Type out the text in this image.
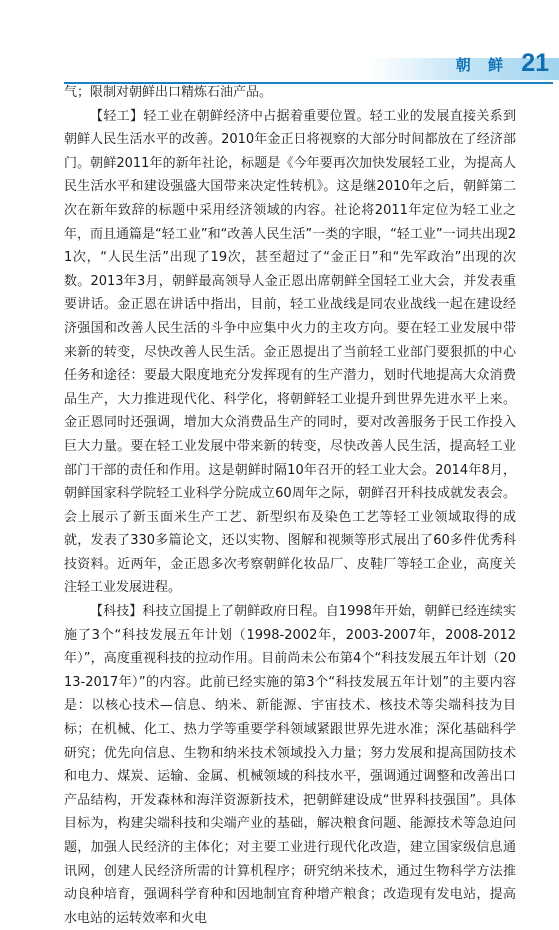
朝 鲜 21

气；限制对朝鲜出口精炼石油产品。

【轻工】轻工业在朝鲜经济中占据着重要位置。轻工业的发展直接关系到朝鲜人民生活水平的改善。2010年金正日将视察的大部分时间都放在了经济部门。朝鲜2011年的新年社论，标题是《今年要再次加快发展轻工业，为提高人民生活水平和建设强盛大国带来决定性转机》。这是继2010年之后，朝鲜第二次在新年致辞的标题中采用经济领域的内容。社论将2011年定位为轻工业之年，而且通篇是“轻工业”和“改善人民生活”一类的字眼，“轻工业”一词共出现21次，“人民生活”出现了19次，甚至超过了“金正日”和“先军政治”出现的次数。2013年3月，朝鲜最高领导人金正恩出席朝鲜全国轻工业大会，并发表重要讲话。金正恩在讲话中指出，目前，轻工业战线是同农业战线一起在建设经济强国和改善人民生活的斗争中应集中火力的主攻方向。要在轻工业发展中带来新的转变，尽快改善人民生活。金正恩提出了当前轻工业部门要狠抓的中心任务和途径：要最大限度地充分发挥现有的生产潜力，划时代地提高大众消费品生产，大力推进现代化、科学化，将朝鲜轻工业提升到世界先进水平上来。金正恩同时还强调，增加大众消费品生产的同时，要对改善服务于民工作投入巨大力量。要在轻工业发展中带来新的转变，尽快改善人民生活，提高轻工业部门干部的责任和作用。这是朝鲜时隔10年召开的轻工业大会。2014年8月，朝鲜国家科学院轻工业科学分院成立60周年之际，朝鲜召开科技成就发表会。会上展示了新玉面米生产工艺、新型织布及染色工艺等轻工业领域取得的成就，发表了330多篇论文，还以实物、图解和视频等形式展出了60多件优秀科技资料。近两年，金正恩多次考察朝鲜化妆品厂、皮鞋厂等轻工企业，高度关注轻工业发展进程。

【科技】科技立国提上了朝鲜政府日程。自1998年开始，朝鲜已经连续实施了3个“科技发展五年计划（1998-2002年，2003-2007年，2008-2012年）”，高度重视科技的拉动作用。目前尚未公布第4个“科技发展五年计划（2013-2017年）”的内容。此前已经实施的第3个“科技发展五年计划”的主要内容是：以核心技术—信息、纳米、新能源、宇宙技术、核技术等尖端科技为目标；在机械、化工、热力学等重要学科领域紧跟世界先进水准；深化基础科学研究；优先向信息、生物和纳米技术领域投入力量；努力发展和提高国防技术和电力、煤炭、运输、金属、机械领域的科技水平，强调通过调整和改善出口产品结构，开发森林和海洋资源新技术，把朝鲜建设成“世界科技强国”。具体目标为，构建尖端科技和尖端产业的基础，解决粮食问题、能源技术等急迫问题，加强人民经济的主体化；对主要工业进行现代化改造，建立国家级信息通讯网，创建人民经济所需的计算机程序；研究纳米技术，通过生物科学方法推动良种培育，强调科学育种和因地制宜育种增产粮食；改造现有发电站，提高水电站的运转效率和火电
